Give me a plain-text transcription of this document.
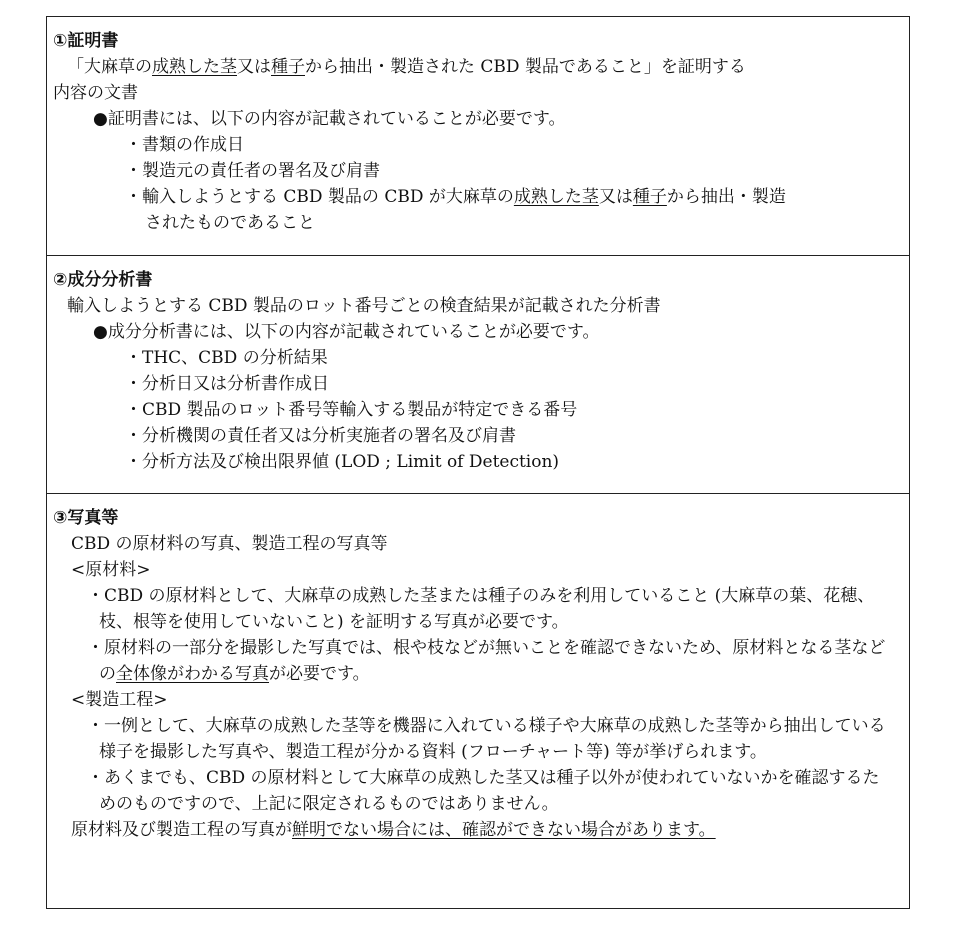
①証明書
「大麻草の成熟した茎又は種子から抽出・製造された CBD 製品であること」を証明する
内容の文書
●証明書には、以下の内容が記載されていることが必要です。
・書類の作成日
・製造元の責任者の署名及び肩書
・輸入しようとする CBD 製品の CBD が大麻草の成熟した茎又は種子から抽出・製造
されたものであること
②成分分析書
輸入しようとする CBD 製品のロット番号ごとの検査結果が記載された分析書
●成分分析書には、以下の内容が記載されていることが必要です。
・THC、CBD の分析結果
・分析日又は分析書作成日
・CBD 製品のロット番号等輸入する製品が特定できる番号
・分析機関の責任者又は分析実施者の署名及び肩書
・分析方法及び検出限界値 (LOD ; Limit of Detection)
③写真等
CBD の原材料の写真、製造工程の写真等
<原材料>
・CBD の原材料として、大麻草の成熟した茎または種子のみを利用していること (大麻草の葉、花穂、枝、根等を使用していないこと) を証明する写真が必要です。
・原材料の一部分を撮影した写真では、根や枝などが無いことを確認できないため、原材料となる茎などの全体像がわかる写真が必要です。
<製造工程>
・一例として、大麻草の成熟した茎等を機器に入れている様子や大麻草の成熟した茎等から抽出している様子を撮影した写真や、製造工程が分かる資料 (フローチャート等) 等が挙げられます。
・あくまでも、CBD の原材料として大麻草の成熟した茎又は種子以外が使われていないかを確認するためのものですので、上記に限定されるものではありません。
原材料及び製造工程の写真が鮮明でない場合には、確認ができない場合があります。
